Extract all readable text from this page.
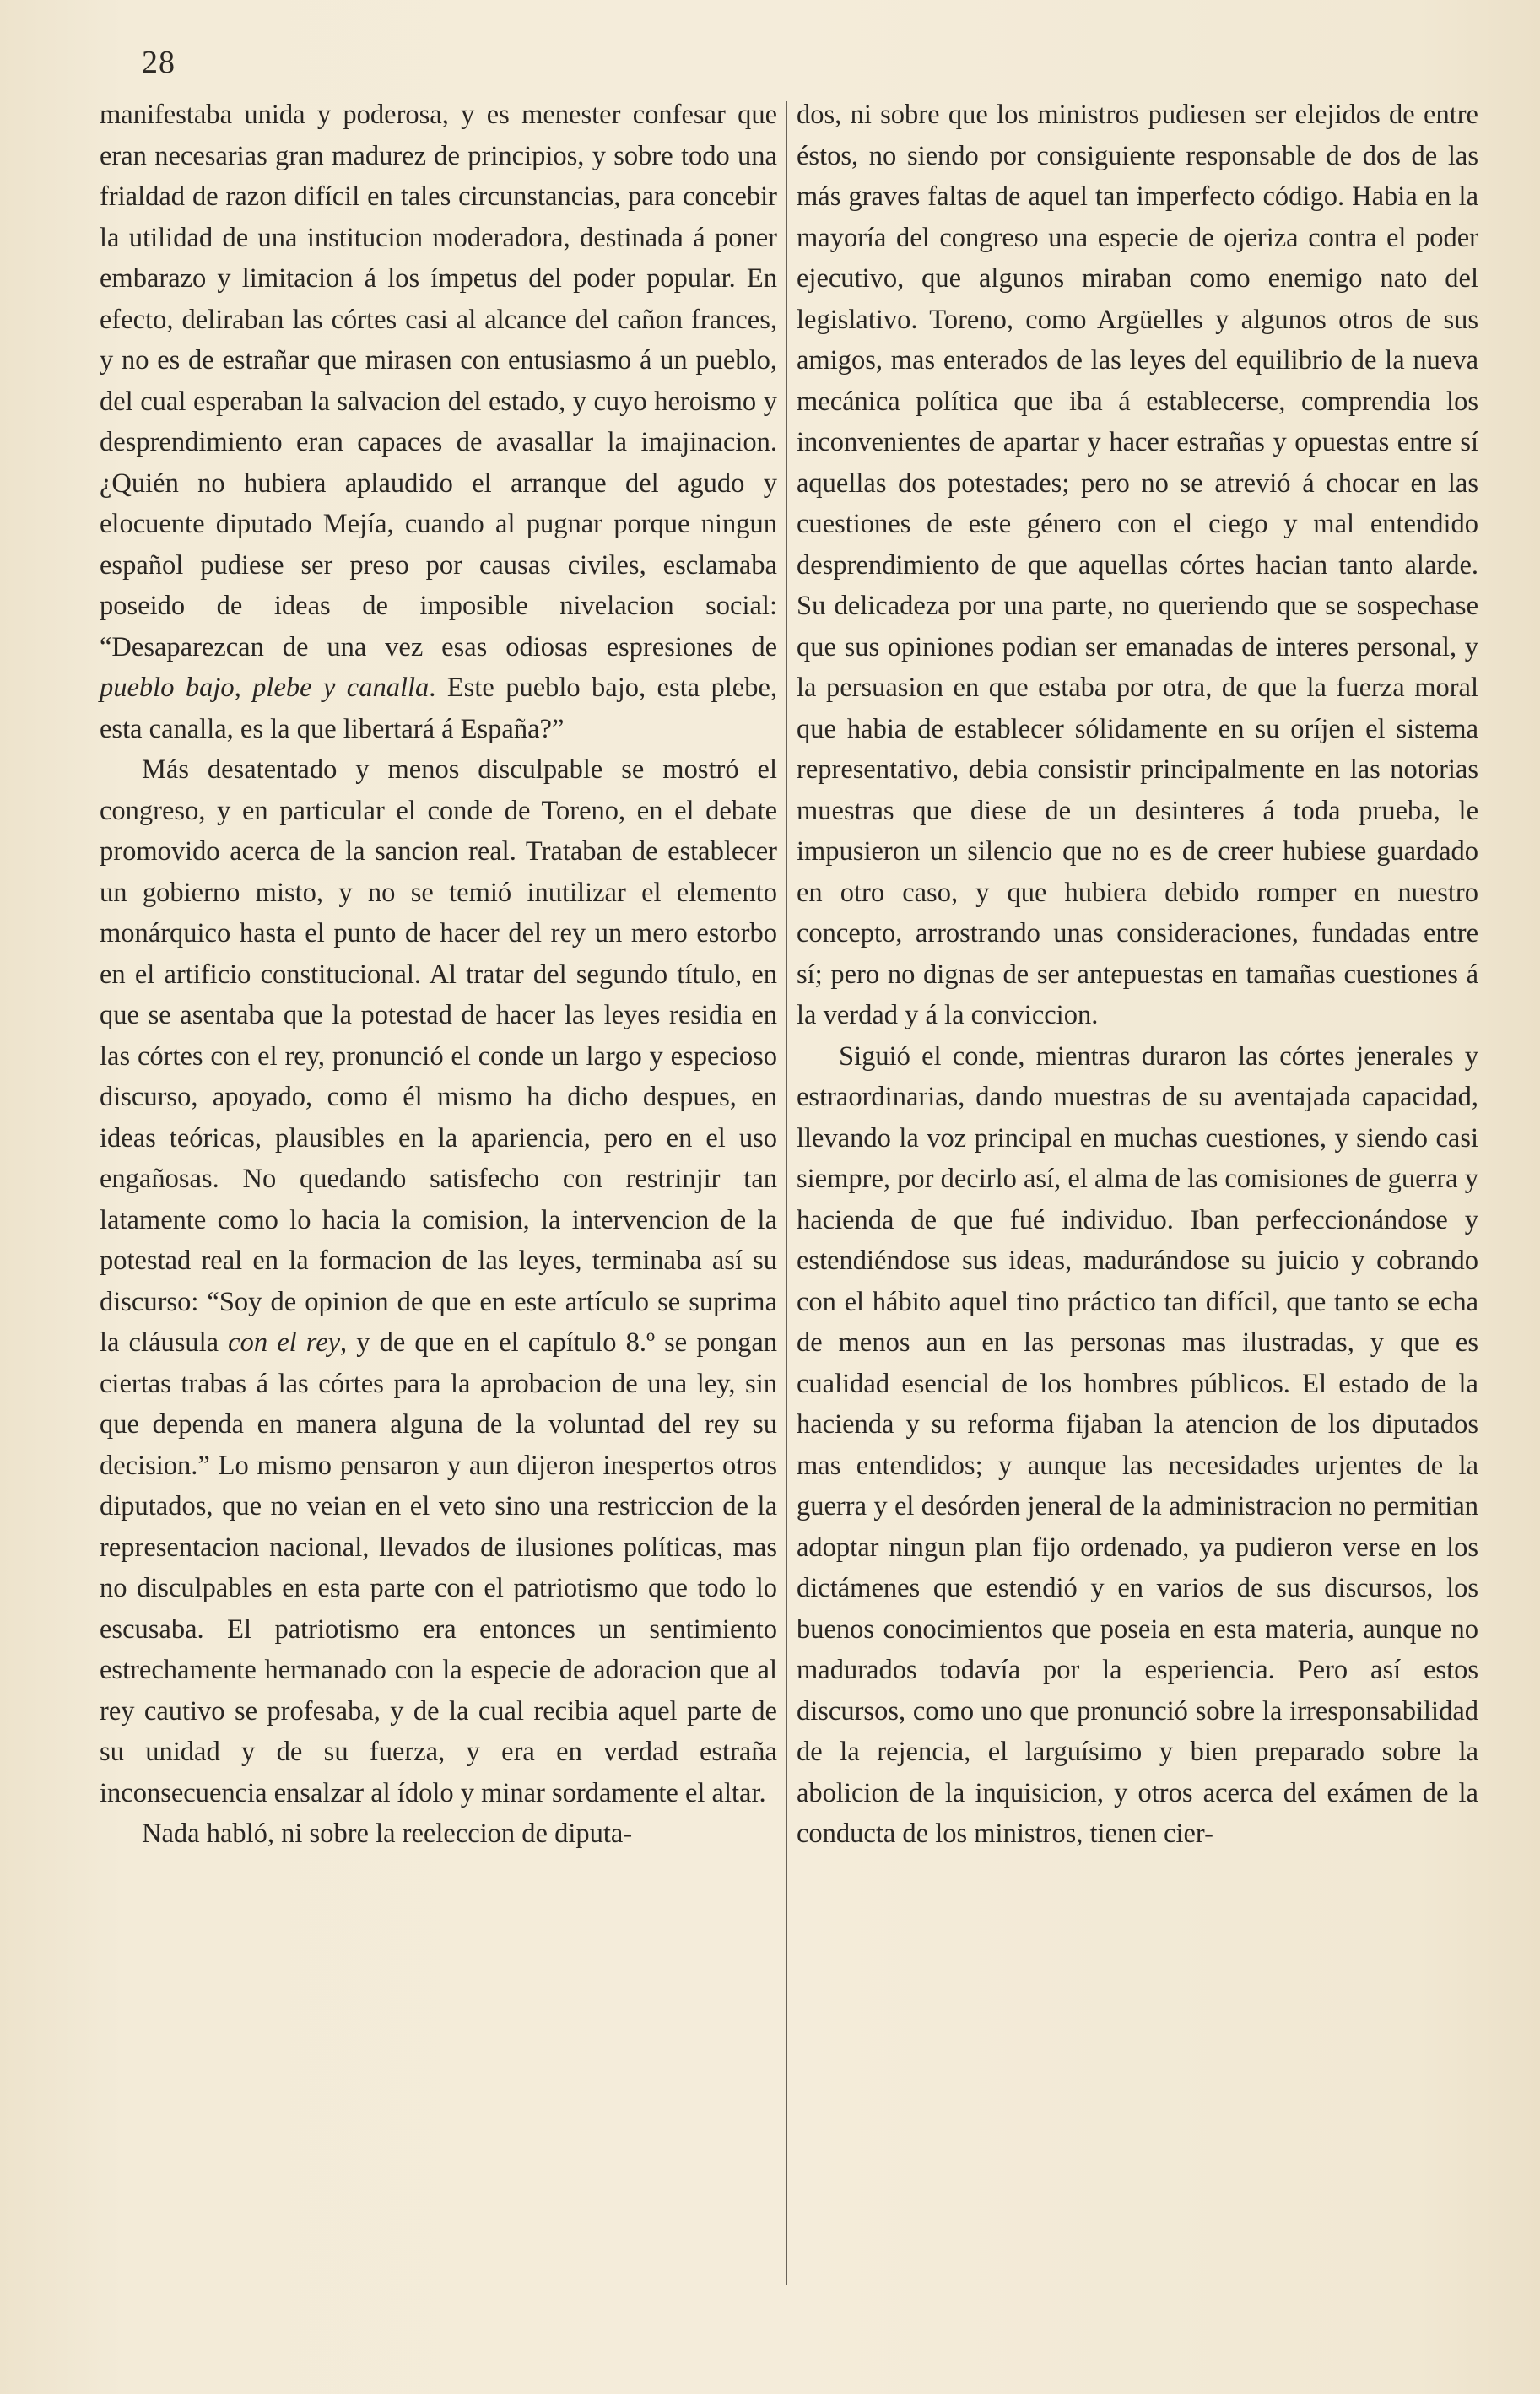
28

manifestaba unida y poderosa, y es menester confesar que eran necesarias gran madurez de principios, y sobre todo una frialdad de razon difícil en tales circunstancias, para concebir la utilidad de una institucion moderadora, destinada á poner embarazo y limitacion á los ímpetus del poder popular. En efecto, deliraban las córtes casi al alcance del cañon frances, y no es de estrañar que mirasen con entusiasmo á un pueblo, del cual esperaban la salvacion del estado, y cuyo heroismo y desprendimiento eran capaces de avasallar la imajinacion. ¿Quién no hubiera aplaudido el arranque del agudo y elocuente diputado Mejía, cuando al pugnar porque ningun español pudiese ser preso por causas civiles, esclamaba poseido de ideas de imposible nivelacion social: “Desaparezcan de una vez esas odiosas espresiones de pueblo bajo, plebe y canalla. Este pueblo bajo, esta plebe, esta canalla, es la que libertará á España?”

Más desatentado y menos disculpable se mostró el congreso, y en particular el conde de Toreno, en el debate promovido acerca de la sancion real. Trataban de establecer un gobierno misto, y no se temió inutilizar el elemento monárquico hasta el punto de hacer del rey un mero estorbo en el artificio constitucional. Al tratar del segundo título, en que se asentaba que la potestad de hacer las leyes residia en las córtes con el rey, pronunció el conde un largo y especioso discurso, apoyado, como él mismo ha dicho despues, en ideas teóricas, plausibles en la apariencia, pero en el uso engañosas. No quedando satisfecho con restrinjir tan latamente como lo hacia la comision, la intervencion de la potestad real en la formacion de las leyes, terminaba así su discurso: “Soy de opinion de que en este artículo se suprima la cláusula con el rey, y de que en el capítulo 8.º se pongan ciertas trabas á las córtes para la aprobacion de una ley, sin que dependa en manera alguna de la voluntad del rey su decision.” Lo mismo pensaron y aun dijeron inespertos otros diputados, que no veian en el veto sino una restriccion de la representacion nacional, llevados de ilusiones políticas, mas no disculpables en esta parte con el patriotismo que todo lo escusaba. El patriotismo era entonces un sentimiento estrechamente hermanado con la especie de adoracion que al rey cautivo se profesaba, y de la cual recibia aquel parte de su unidad y de su fuerza, y era en verdad estraña inconsecuencia ensalzar al ídolo y minar sordamente el altar.

Nada habló, ni sobre la reeleccion de diputa-

dos, ni sobre que los ministros pudiesen ser elejidos de entre éstos, no siendo por consiguiente responsable de dos de las más graves faltas de aquel tan imperfecto código. Habia en la mayoría del congreso una especie de ojeriza contra el poder ejecutivo, que algunos miraban como enemigo nato del legislativo. Toreno, como Argüelles y algunos otros de sus amigos, mas enterados de las leyes del equilibrio de la nueva mecánica política que iba á establecerse, comprendia los inconvenientes de apartar y hacer estrañas y opuestas entre sí aquellas dos potestades; pero no se atrevió á chocar en las cuestiones de este género con el ciego y mal entendido desprendimiento de que aquellas córtes hacian tanto alarde. Su delicadeza por una parte, no queriendo que se sospechase que sus opiniones podian ser emanadas de interes personal, y la persuasion en que estaba por otra, de que la fuerza moral que habia de establecer sólidamente en su oríjen el sistema representativo, debia consistir principalmente en las notorias muestras que diese de un desinteres á toda prueba, le impusieron un silencio que no es de creer hubiese guardado en otro caso, y que hubiera debido romper en nuestro concepto, arrostrando unas consideraciones, fundadas entre sí; pero no dignas de ser antepuestas en tamañas cuestiones á la verdad y á la conviccion.

Siguió el conde, mientras duraron las córtes jenerales y estraordinarias, dando muestras de su aventajada capacidad, llevando la voz principal en muchas cuestiones, y siendo casi siempre, por decirlo así, el alma de las comisiones de guerra y hacienda de que fué individuo. Iban perfeccionándose y estendiéndose sus ideas, madurándose su juicio y cobrando con el hábito aquel tino práctico tan difícil, que tanto se echa de menos aun en las personas mas ilustradas, y que es cualidad esencial de los hombres públicos. El estado de la hacienda y su reforma fijaban la atencion de los diputados mas entendidos; y aunque las necesidades urjentes de la guerra y el desórden jeneral de la administracion no permitian adoptar ningun plan fijo ordenado, ya pudieron verse en los dictámenes que estendió y en varios de sus discursos, los buenos conocimientos que poseia en esta materia, aunque no madurados todavía por la esperiencia. Pero así estos discursos, como uno que pronunció sobre la irresponsabilidad de la rejencia, el larguísimo y bien preparado sobre la abolicion de la inquisicion, y otros acerca del exámen de la conducta de los ministros, tienen cier-
